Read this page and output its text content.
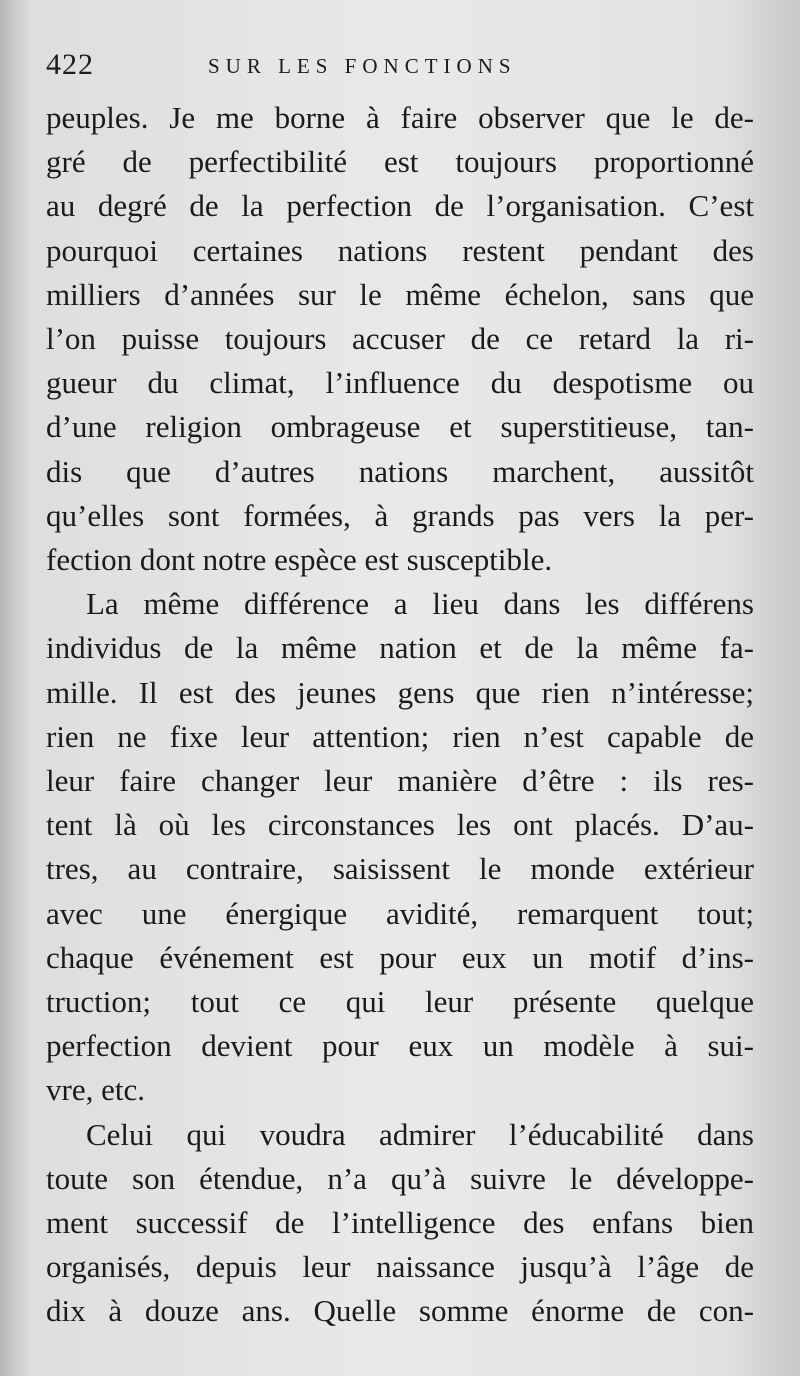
422	SUR LES FONCTIONS

peuples. Je me borne à faire observer que le de-
gré de perfectibilité est toujours proportionné
au degré de la perfection de l’organisation. C’est
pourquoi certaines nations restent pendant des
milliers d’années sur le même échelon, sans que
l’on puisse toujours accuser de ce retard la ri-
gueur du climat, l’influence du despotisme ou
d’une religion ombrageuse et superstitieuse, tan-
dis que d’autres nations marchent, aussitôt
qu’elles sont formées, à grands pas vers la per-
fection dont notre espèce est susceptible.

La même différence a lieu dans les différens
individus de la même nation et de la même fa-
mille. Il est des jeunes gens que rien n’intéresse;
rien ne fixe leur attention; rien n’est capable de
leur faire changer leur manière d’être : ils res-
tent là où les circonstances les ont placés. D’au-
tres, au contraire, saisissent le monde extérieur
avec une énergique avidité, remarquent tout;
chaque événement est pour eux un motif d’ins-
truction; tout ce qui leur présente quelque
perfection devient pour eux un modèle à sui-
vre, etc.

Celui qui voudra admirer l’éducabilité dans
toute son étendue, n’a qu’à suivre le développe-
ment successif de l’intelligence des enfans bien
organisés, depuis leur naissance jusqu’à l’âge de
dix à douze ans. Quelle somme énorme de con-
